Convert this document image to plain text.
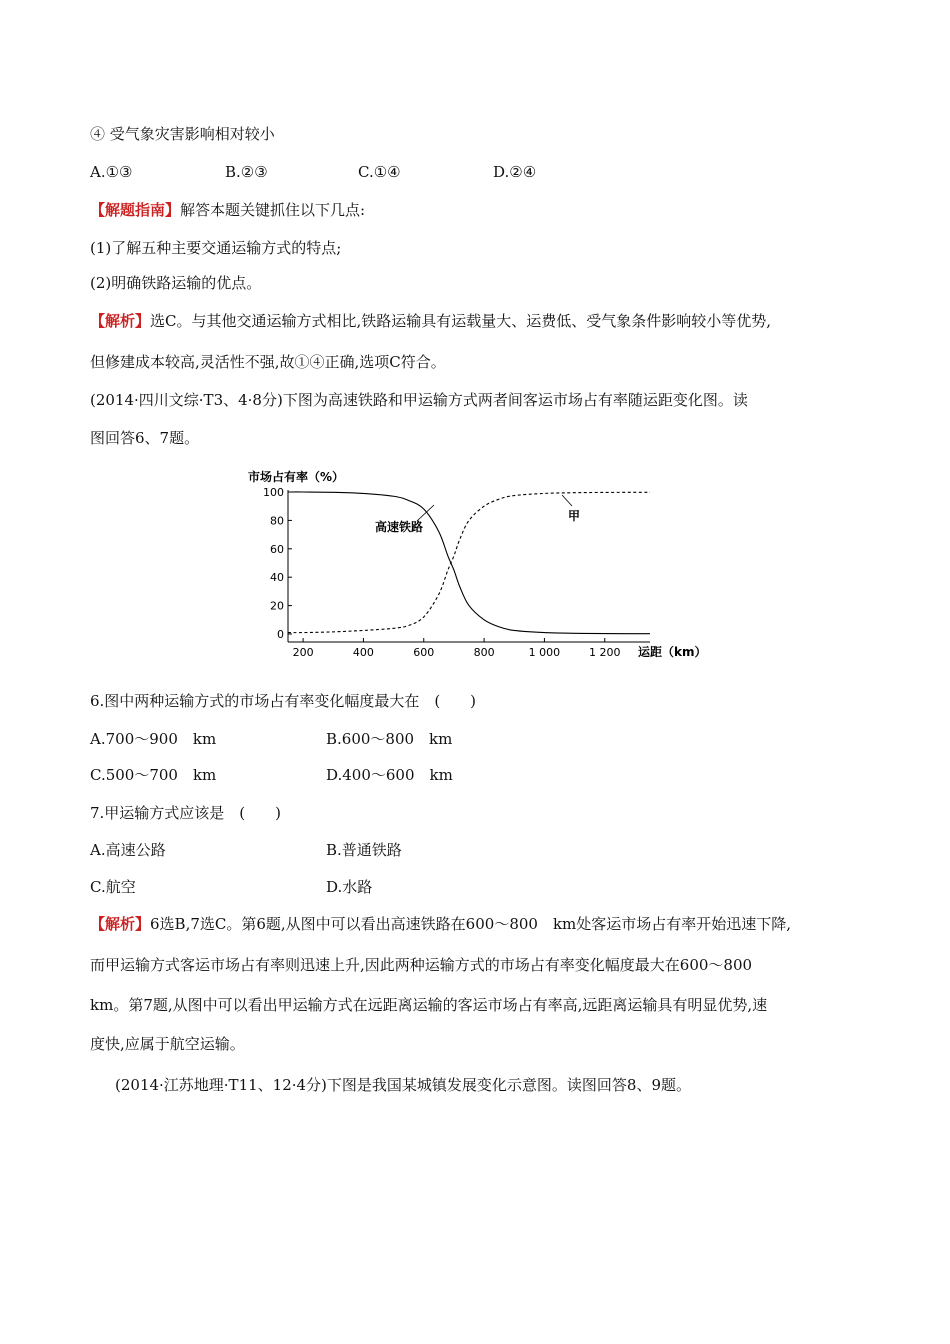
④ 受气象灾害影响相对较小
A.①③	B.②③	C.①④	D.②④
【解题指南】解答本题关键抓住以下几点:
(1)了解五种主要交通运输方式的特点;
(2)明确铁路运输的优点。
【解析】选C。与其他交通运输方式相比,铁路运输具有运载量大、运费低、受气象条件影响较小等优势,
但修建成本较高,灵活性不强,故①④正确,选项C符合。
(2014·四川文综·T3、4·8分)下图为高速铁路和甲运输方式两者间客运市场占有率随运距变化图。读
图回答6、7题。
市场占有率（%）
0
20
40
60
80
100
200	400	600	800	1 000	1 200
高速铁路
甲
运距（km）
6.图中两种运输方式的市场占有率变化幅度最大在　(　　)
A.700～900　km	B.600～800　km
C.500～700　km	D.400～600　km
7.甲运输方式应该是　(　　)
A.高速公路	B.普通铁路
C.航空	D.水路
【解析】6选B,7选C。第6题,从图中可以看出高速铁路在600～800　km处客运市场占有率开始迅速下降,
而甲运输方式客运市场占有率则迅速上升,因此两种运输方式的市场占有率变化幅度最大在600～800
km。第7题,从图中可以看出甲运输方式在远距离运输的客运市场占有率高,远距离运输具有明显优势,速
度快,应属于航空运输。
(2014·江苏地理·T11、12·4分)下图是我国某城镇发展变化示意图。读图回答8、9题。
